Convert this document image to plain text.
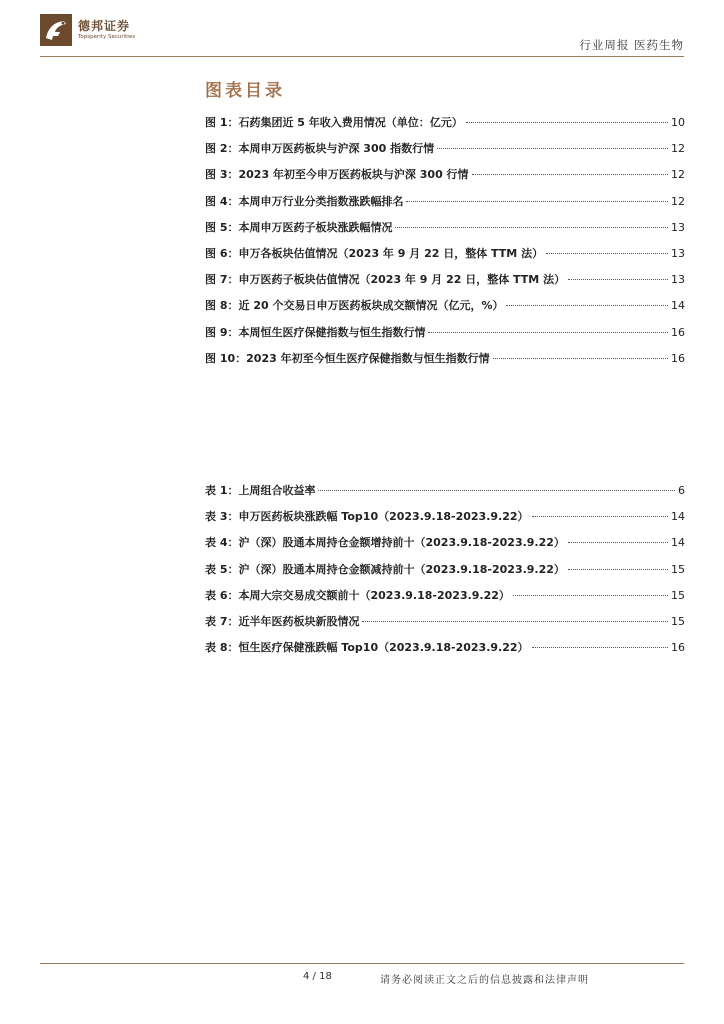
德邦证券
Topsperity Securities
行业周报 医药生物
图表目录
图 1：石药集团近 5 年收入费用情况（单位：亿元）	10
图 2：本周申万医药板块与沪深 300 指数行情	12
图 3：2023 年初至今申万医药板块与沪深 300 行情	12
图 4：本周申万行业分类指数涨跌幅排名	12
图 5：本周申万医药子板块涨跌幅情况	13
图 6：申万各板块估值情况（2023 年 9 月 22 日，整体 TTM 法）	13
图 7：申万医药子板块估值情况（2023 年 9 月 22 日，整体 TTM 法）	13
图 8：近 20 个交易日申万医药板块成交额情况（亿元，%）	14
图 9：本周恒生医疗保健指数与恒生指数行情	16
图 10：2023 年初至今恒生医疗保健指数与恒生指数行情	16
表 1：上周组合收益率	6
表 3：申万医药板块涨跌幅 Top10（2023.9.18-2023.9.22）	14
表 4：沪（深）股通本周持仓金额增持前十（2023.9.18-2023.9.22）	14
表 5：沪（深）股通本周持仓金额减持前十（2023.9.18-2023.9.22）	15
表 6：本周大宗交易成交额前十（2023.9.18-2023.9.22）	15
表 7：近半年医药板块新股情况	15
表 8：恒生医疗保健涨跌幅 Top10（2023.9.18-2023.9.22）	16
4 / 18	请务必阅读正文之后的信息披露和法律声明
